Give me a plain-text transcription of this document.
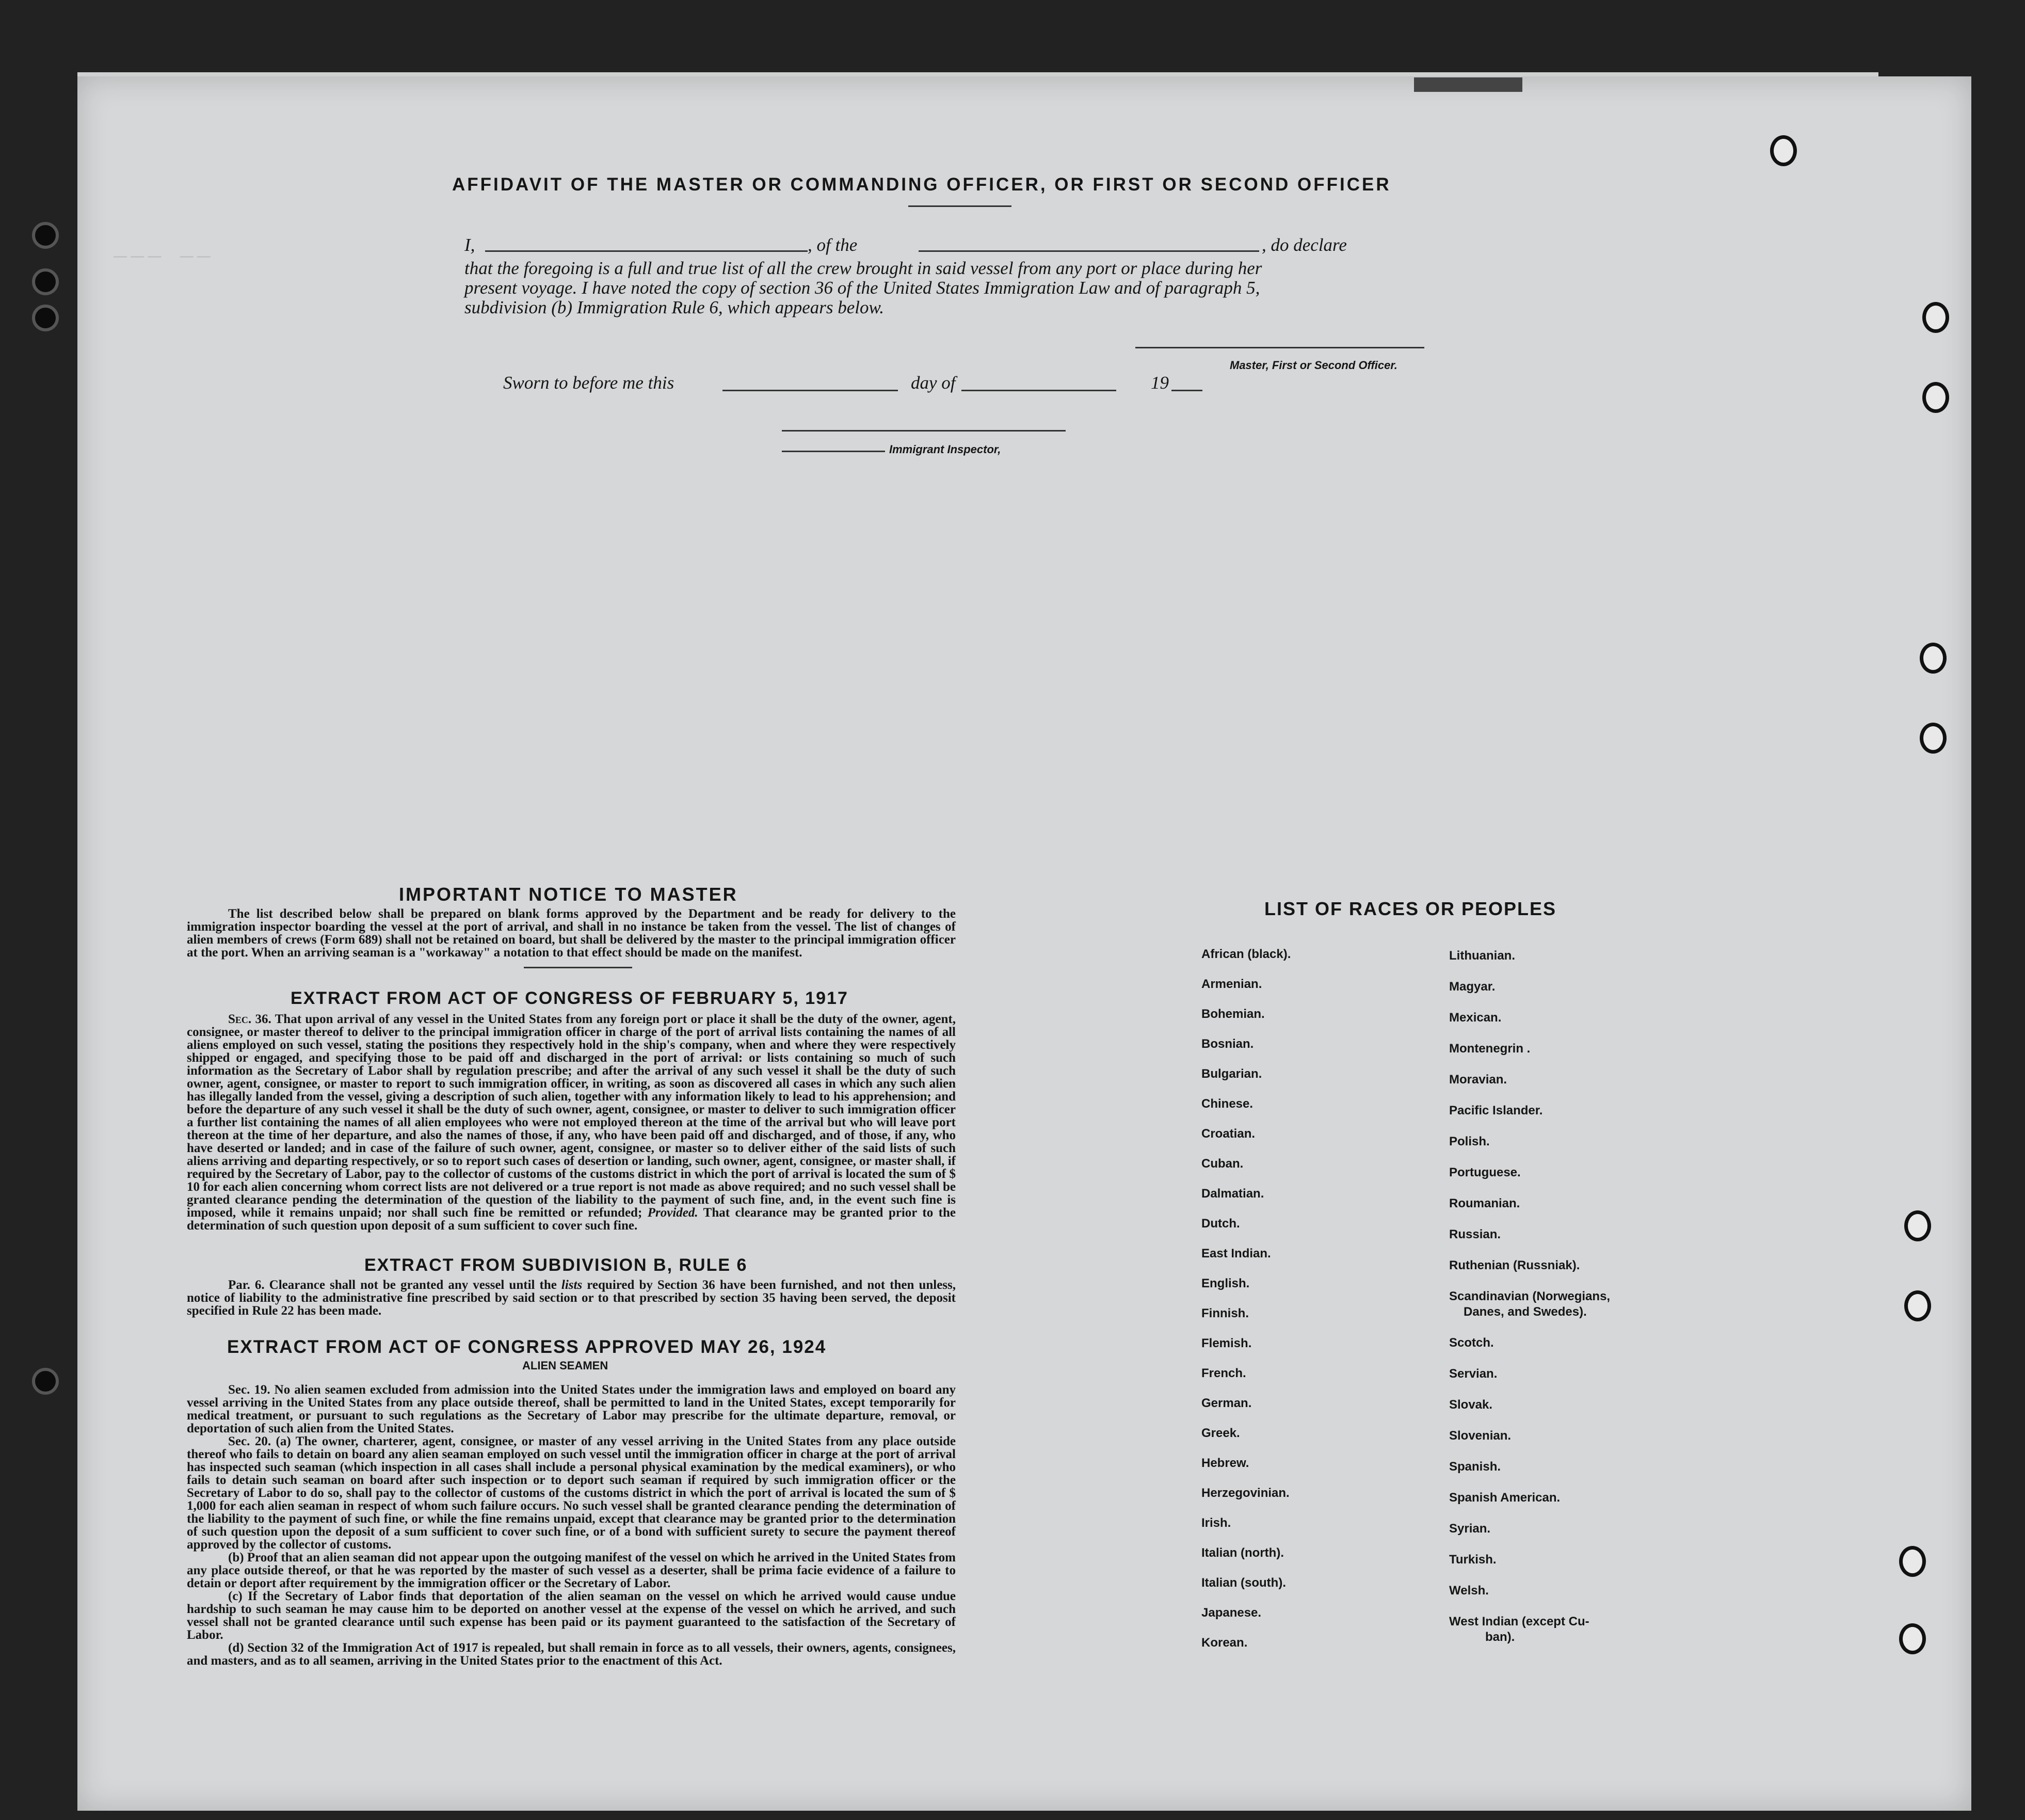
AFFIDAVIT OF THE MASTER OR COMMANDING OFFICER, OR FIRST OR SECOND OFFICER
I,	, of the	, do declare
that the foregoing is a full and true list of all the crew brought in said vessel from any port or place during her
present voyage. I have noted the copy of section 36 of the United States Immigration Law and of paragraph 5,
subdivision (b) Immigration Rule 6, which appears below.
Master, First or Second Officer.
Sworn to before me this	day of	19
Immigrant Inspector,
— — —     — —
IMPORTANT NOTICE TO MASTER
The list described below shall be prepared on blank forms approved by the Department and be ready for delivery to the immigration inspector boarding the vessel at the port of arrival, and shall in no instance be taken from the vessel. The list of changes of alien members of crews (Form 689) shall not be retained on board, but shall be delivered by the master to the principal immigration officer at the port. When an arriving seaman is a "workaway" a notation to that effect should be made on the manifest.
EXTRACT FROM ACT OF CONGRESS OF FEBRUARY 5, 1917
Sec. 36. That upon arrival of any vessel in the United States from any foreign port or place it shall be the duty of the owner, agent, consignee, or master thereof to deliver to the principal immigration officer in charge of the port of arrival lists containing the names of all aliens employed on such vessel, stating the positions they respectively hold in the ship's company, when and where they were respectively shipped or engaged, and specifying those to be paid off and discharged in the port of arrival: or lists containing so much of such information as the Secretary of Labor shall by regulation prescribe; and after the arrival of any such vessel it shall be the duty of such owner, agent, consignee, or master to report to such immigration officer, in writing, as soon as discovered all cases in which any such alien has illegally landed from the vessel, giving a description of such alien, together with any information likely to lead to his apprehension; and before the departure of any such vessel it shall be the duty of such owner, agent, consignee, or master to deliver to such immigration officer a further list containing the names of all alien employees who were not employed thereon at the time of the arrival but who will leave port thereon at the time of her departure, and also the names of those, if any, who have been paid off and discharged, and of those, if any, who have deserted or landed; and in case of the failure of such owner, agent, consignee, or master so to deliver either of the said lists of such aliens arriving and departing respectively, or so to report such cases of desertion or landing, such owner, agent, consignee, or master shall, if required by the Secretary of Labor, pay to the collector of customs of the customs district in which the port of arrival is located the sum of $ 10 for each alien concerning whom correct lists are not delivered or a true report is not made as above required; and no such vessel shall be granted clearance pending the determination of the question of the liability to the payment of such fine, and, in the event such fine is imposed, while it remains unpaid; nor shall such fine be remitted or refunded; Provided. That clearance may be granted prior to the determination of such question upon deposit of a sum sufficient to cover such fine.
EXTRACT FROM SUBDIVISION B, RULE 6
Par. 6. Clearance shall not be granted any vessel until the lists required by Section 36 have been furnished, and not then unless, notice of liability to the administrative fine prescribed by said section or to that prescribed by section 35 having been served, the deposit specified in Rule 22 has been made.
EXTRACT FROM ACT OF CONGRESS APPROVED MAY 26, 1924
ALIEN SEAMEN

Sec. 19. No alien seamen excluded from admission into the United States under the immigration laws and employed on board any vessel arriving in the United States from any place outside thereof, shall be permitted to land in the United States, except temporarily for medical treatment, or pursuant to such regulations as the Secretary of Labor may prescribe for the ultimate departure, removal, or deportation of such alien from the United States.

Sec. 20. (a) The owner, charterer, agent, consignee, or master of any vessel arriving in the United States from any place outside thereof who fails to detain on board any alien seaman employed on such vessel until the immigration officer in charge at the port of arrival has inspected such seaman (which inspection in all cases shall include a personal physical examination by the medical examiners), or who fails to detain such seaman on board after such inspection or to deport such seaman if required by such immigration officer or the Secretary of Labor to do so, shall pay to the collector of customs of the customs district in which the port of arrival is located the sum of $ 1,000 for each alien seaman in respect of whom such failure occurs. No such vessel shall be granted clearance pending the determination of the liability to the payment of such fine, or while the fine remains unpaid, except that clearance may be granted prior to the determination of such question upon the deposit of a sum sufficient to cover such fine, or of a bond with sufficient surety to secure the payment thereof approved by the collector of customs.

(b) Proof that an alien seaman did not appear upon the outgoing manifest of the vessel on which he arrived in the United States from any place outside thereof, or that he was reported by the master of such vessel as a deserter, shall be prima facie evidence of a failure to detain or deport after requirement by the immigration officer or the Secretary of Labor.

(c) If the Secretary of Labor finds that deportation of the alien seaman on the vessel on which he arrived would cause undue hardship to such seaman he may cause him to be deported on another vessel at the expense of the vessel on which he arrived, and such vessel shall not be granted clearance until such expense has been paid or its payment guaranteed to the satisfaction of the Secretary of Labor.

(d) Section 32 of the Immigration Act of 1917 is repealed, but shall remain in force as to all vessels, their owners, agents, consignees, and masters, and as to all seamen, arriving in the United States prior to the enactment of this Act.

LIST OF RACES OR PEOPLES
African (black).
Armenian.
Bohemian.
Bosnian.
Bulgarian.
Chinese.
Croatian.
Cuban.
Dalmatian.
Dutch.
East Indian.
English.
Finnish.
Flemish.
French.
German.
Greek.
Hebrew.
Herzegovinian.
Irish.
Italian (north).
Italian (south).
Japanese.
Korean.
Lithuanian.
Magyar.
Mexican.
Montenegrin .
Moravian.
Pacific Islander.
Polish.
Portuguese.
Roumanian.
Russian.
Ruthenian (Russniak).
Scandinavian (Norwegians,
Danes, and Swedes).
Scotch.
Servian.
Slovak.
Slovenian.
Spanish.
Spanish American.
Syrian.
Turkish.
Welsh.
West Indian (except Cu-
ban).
